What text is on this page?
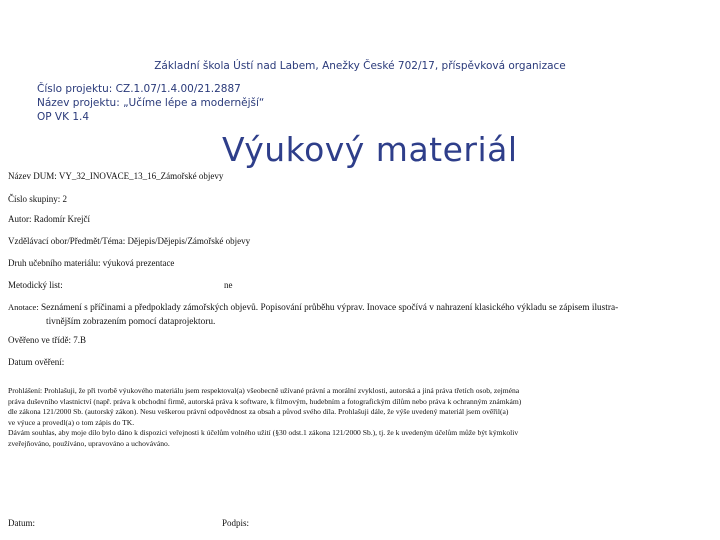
Základní škola Ústí nad Labem, Anežky České 702/17, příspěvková organizace
Číslo projektu: CZ.1.07/1.4.00/21.2887
Název projektu: „Učíme lépe a modernější“
OP VK 1.4
Výukový materiál
Název DUM: VY_32_INOVACE_13_16_Zámořské objevy
Číslo skupiny: 2
Autor: Radomír Krejčí
Vzdělávací obor/Předmět/Téma: Dějepis/Dějepis/Zámořské objevy
Druh učebního materiálu: výuková prezentace
Metodický list:	ne
Anotace: Seznámení s příčinami a předpoklady zámořských objevů. Popisování průběhu výprav. Inovace spočívá v nahrazení klasického výkladu se zápisem ilustra-
tivnějším zobrazením pomocí dataprojektoru.
Ověřeno ve třídě: 7.B
Datum ověření:
Prohlášení: Prohlašuji, že při tvorbě výukového materiálu jsem respektoval(a) všeobecně užívané právní a morální zvyklosti, autorská a jiná práva třetích osob, zejména
práva duševního vlastnictví (např. práva k obchodní firmě, autorská práva k software, k filmovým, hudebním a fotografickým dílům nebo práva k ochranným známkám)
dle zákona 121/2000 Sb. (autorský zákon). Nesu veškerou právní odpovědnost za obsah a původ svého díla. Prohlašuji dále, že výše uvedený materiál jsem ověřil(a)
ve výuce a provedl(a) o tom zápis do TK.
Dávám souhlas, aby moje dílo bylo dáno k dispozici veřejnosti k účelům volného užití (§30 odst.1 zákona 121/2000 Sb.), tj. že k uvedeným účelům může být kýmkoliv
zveřejňováno, používáno, upravováno a uchováváno.
Datum:	Podpis:
